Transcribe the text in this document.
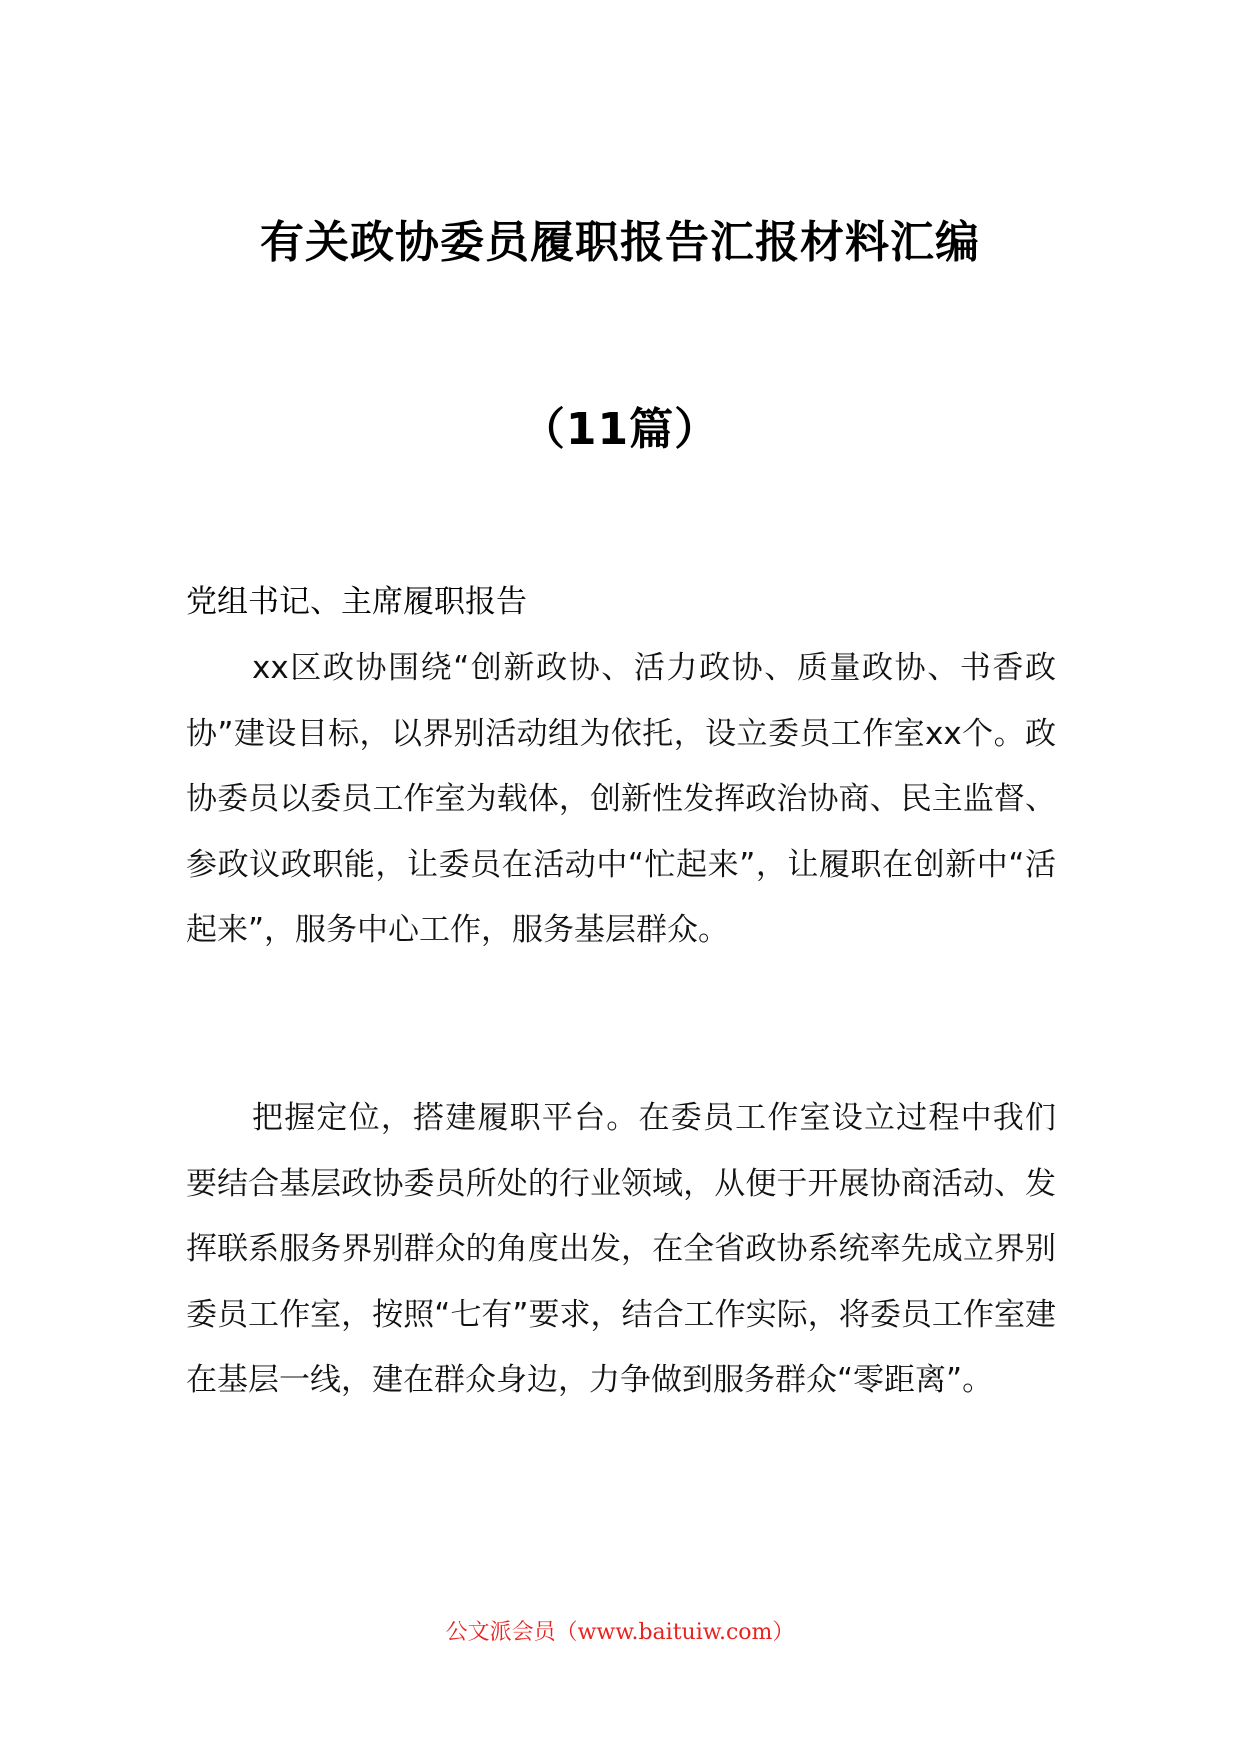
有关政协委员履职报告汇报材料汇编
（11篇）
党组书记、主席履职报告
xx区政协围绕“创新政协、活力政协、质量政协、书香政协”建设目标，以界别活动组为依托，设立委员工作室xx个。政协委员以委员工作室为载体，创新性发挥政治协商、民主监督、参政议政职能，让委员在活动中“忙起来”，让履职在创新中“活起来”，服务中心工作，服务基层群众。
把握定位，搭建履职平台。在委员工作室设立过程中我们要结合基层政协委员所处的行业领域，从便于开展协商活动、发挥联系服务界别群众的角度出发，在全省政协系统率先成立界别委员工作室，按照“七有”要求，结合工作实际，将委员工作室建在基层一线，建在群众身边，力争做到服务群众“零距离”。
公文派会员（www.baituiw.com）
